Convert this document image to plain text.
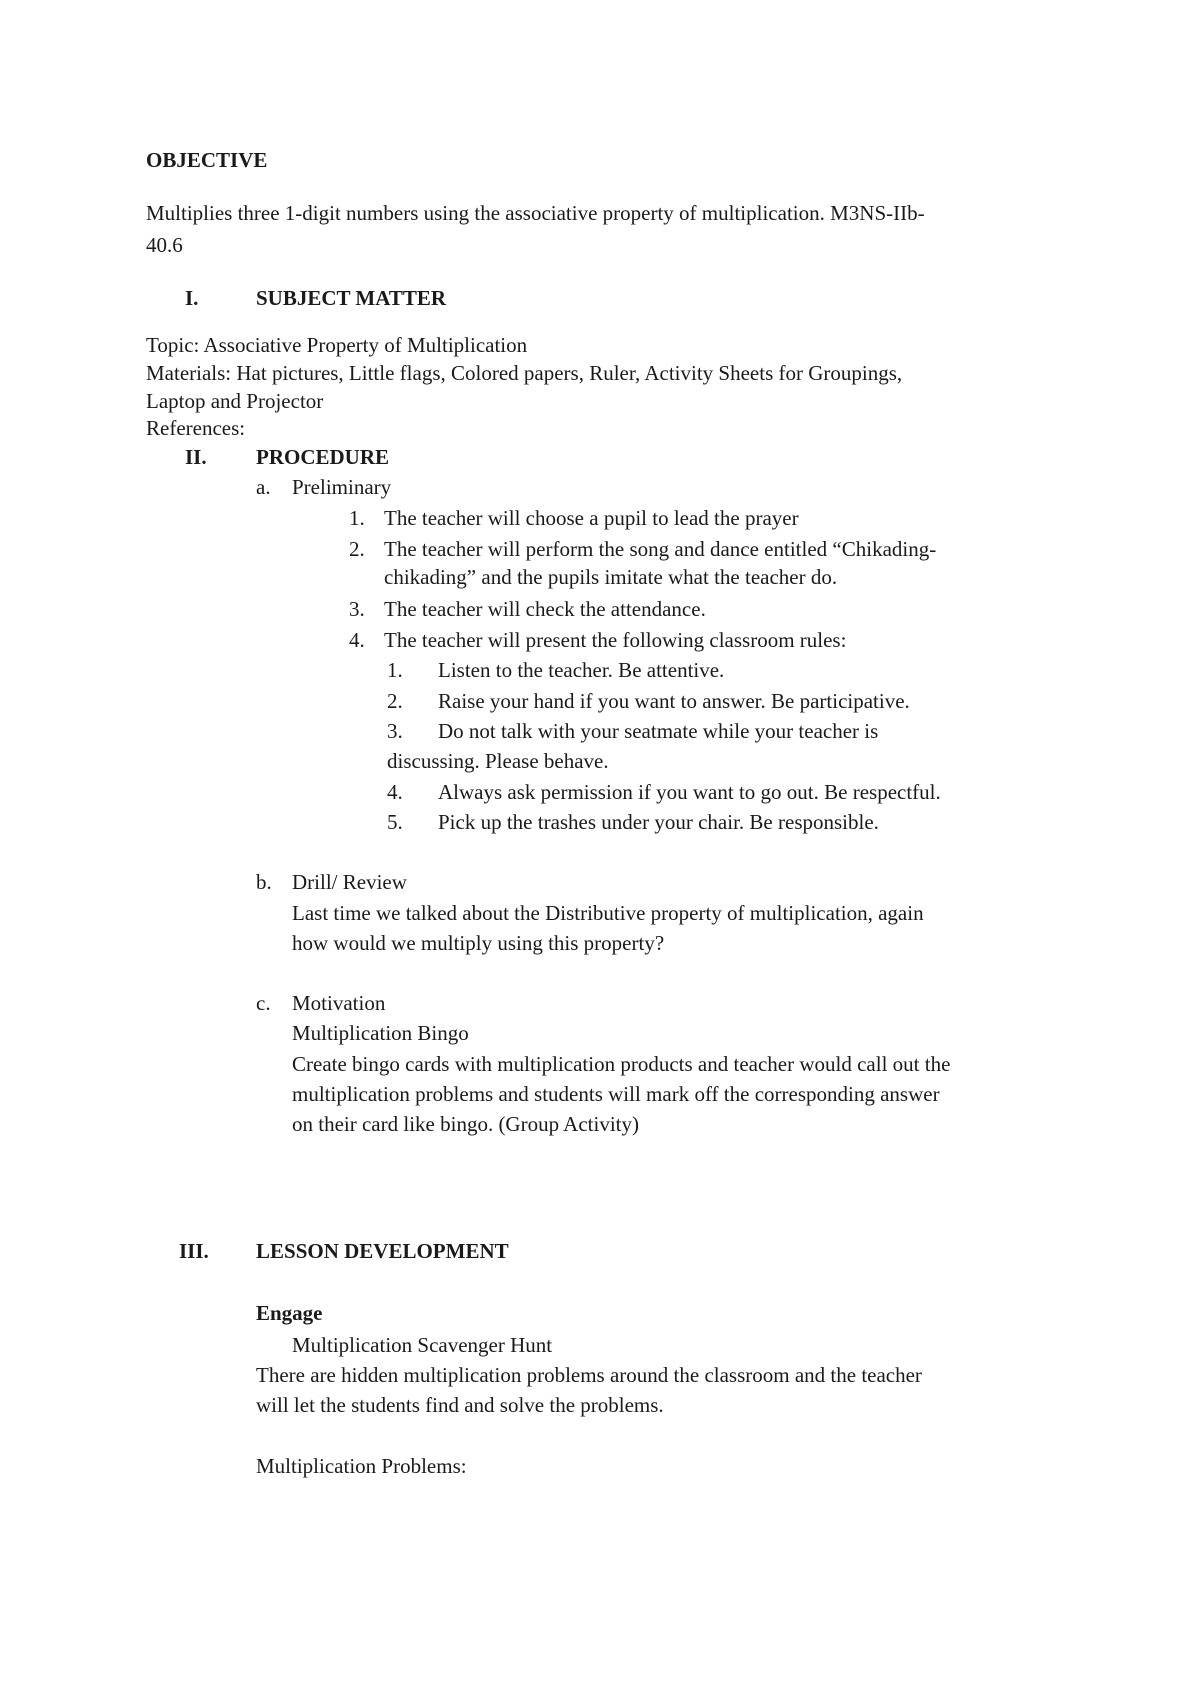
OBJECTIVE
Multiplies three 1-digit numbers using the associative property of multiplication. M3NS-IIb-
40.6
I.	SUBJECT MATTER
Topic: Associative Property of Multiplication
Materials: Hat pictures, Little flags, Colored papers, Ruler, Activity Sheets for Groupings,
Laptop and Projector
References:
II. PROCEDURE
a. Preliminary
1. The teacher will choose a pupil to lead the prayer
2. The teacher will perform the song and dance entitled “Chikading-
chikading” and the pupils imitate what the teacher do.
3. The teacher will check the attendance.
4. The teacher will present the following classroom rules:
1. Listen to the teacher. Be attentive.
2. Raise your hand if you want to answer. Be participative.
3. Do not talk with your seatmate while your teacher is
discussing. Please behave.
4. Always ask permission if you want to go out. Be respectful.
5. Pick up the trashes under your chair. Be responsible.
b. Drill/ Review
Last time we talked about the Distributive property of multiplication, again
how would we multiply using this property?
c. Motivation
Multiplication Bingo
Create bingo cards with multiplication products and teacher would call out the
multiplication problems and students will mark off the corresponding answer
on their card like bingo. (Group Activity)
III. LESSON DEVELOPMENT
Engage
Multiplication Scavenger Hunt
There are hidden multiplication problems around the classroom and the teacher
will let the students find and solve the problems.
Multiplication Problems:
